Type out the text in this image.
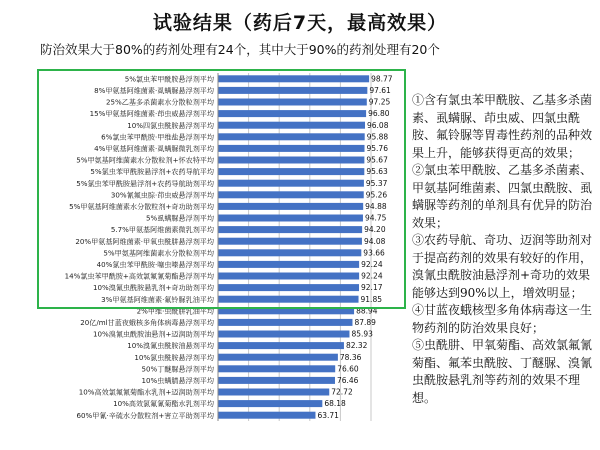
试验结果（药后7天，最高效果）
防治效果大于80%的药剂处理有24个，其中大于90%的药剂处理有20个
5%氯虫苯甲酰胺悬浮剂平均	98.77
8%甲氨基阿维菌素·虱螨脲悬浮剂平均	97.61
25%乙基多杀菌素水分散粒剂平均	97.25
15%甲氨基阿维菌素·茚虫威悬浮剂平均	96.80
10%四氯虫酰胺悬浮剂平均	96.08
6%氯虫苯甲酰胺·甲维盐悬浮剂平均	95.88
4%甲氨基阿维菌素·虱螨脲微乳剂平均	95.76
5%甲氨基阿维菌素水分散粒剂+怀农特平均	95.67
5%氯虫苯甲酰胺悬浮剂+农药导航平均	95.63
5%氯虫苯甲酰胺悬浮剂+农药导航助剂平均	95.37
30%氰氟虫腙·茚虫威悬浮剂平均	95.26
5%甲氨基阿维菌素水分散粒剂+奇功助剂平均	94.88
5%虱螨脲悬浮剂平均	94.75
5.7%甲氨基阿维菌素微乳剂平均	94.20
20%甲氨基阿维菌素·甲氧虫酰肼悬浮剂平均	94.08
5%甲氨基阿维菌素水分散粒剂平均	93.66
40%氯虫苯甲酰胺·噻虫嗪悬浮剂平均	92.24
14%氯虫苯甲酰胺+高效氯氟氰菊酯悬浮剂平均	92.24
10%溴氰虫酰胺悬乳剂+奇功助剂平均	92.17
3%甲氨基阿维菌素·氟铃脲乳油平均	91.85
2%甲维·虫酰肼乳油平均	88.94
20亿/ml甘蓝夜蛾核多角体病毒悬浮剂平均	87.89
10%溴氰虫酰胺油悬剂+迈润助剂平均	85.93
10%溴氰虫酰胺油悬剂平均	82.32
10%氯虫酰胺悬浮剂平均	78.36
50%丁醚脲悬浮剂平均	76.60
10%虫螨腈悬浮剂平均	76.46
10%高效氯氟氰菊酯水乳剂+迈润助剂平均	72.72
10%高效氯氟氰菊酯水乳剂平均	68.18
60%甲氰·辛硫水分散粒剂+害立平助剂平均	63.71

①含有氯虫苯甲酰胺、乙基多杀菌素、虱螨脲、茚虫威、四氯虫酰胺、氟铃脲等胃毒性药剂的品种效果上升，能够获得更高的效果；

②氯虫苯甲酰胺、乙基多杀菌素、甲氨基阿维菌素、四氯虫酰胺、虱螨脲等药剂的单剂具有优异的防治效果；

③农药导航、奇功、迈润等助剂对于提高药剂的效果有较好的作用，溴氰虫酰胺油悬浮剂+奇功的效果能够达到90%以上，增效明显；

④甘蓝夜蛾核型多角体病毒这一生物药剂的防治效果良好；

⑤虫酰肼、甲氧菊酯、高效氯氟氰菊酯、氟苯虫酰胺、丁醚脲、溴氰虫酰胺悬乳剂等药剂的效果不理想。
